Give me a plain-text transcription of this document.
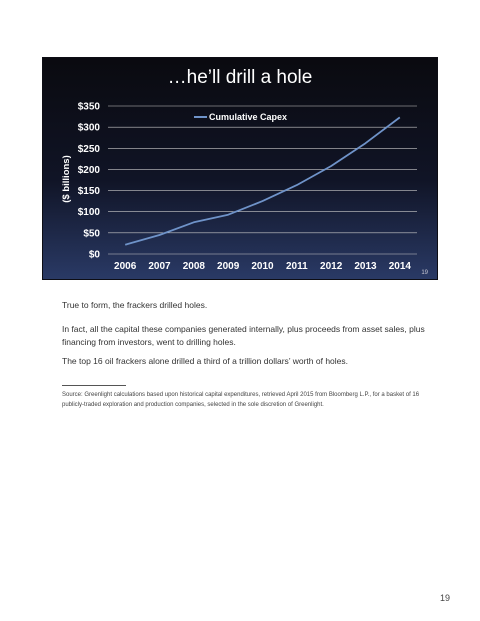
…he’ll drill a hole
$0
$50
$100
$150
$200
$250
$300
$350
2006 2007 2008 2009 2010 2011 2012 2013 2014
($ billions)
Cumulative Capex
19
True to form, the frackers drilled holes.
In fact, all the capital these companies generated internally, plus proceeds from asset sales, plus financing from investors, went to drilling holes.
The top 16 oil frackers alone drilled a third of a trillion dollars’ worth of holes.
Source: Greenlight calculations based upon historical capital expenditures, retrieved April 2015 from Bloomberg L.P., for a basket of 16 publicly-traded exploration and production companies, selected in the sole discretion of Greenlight.
19
